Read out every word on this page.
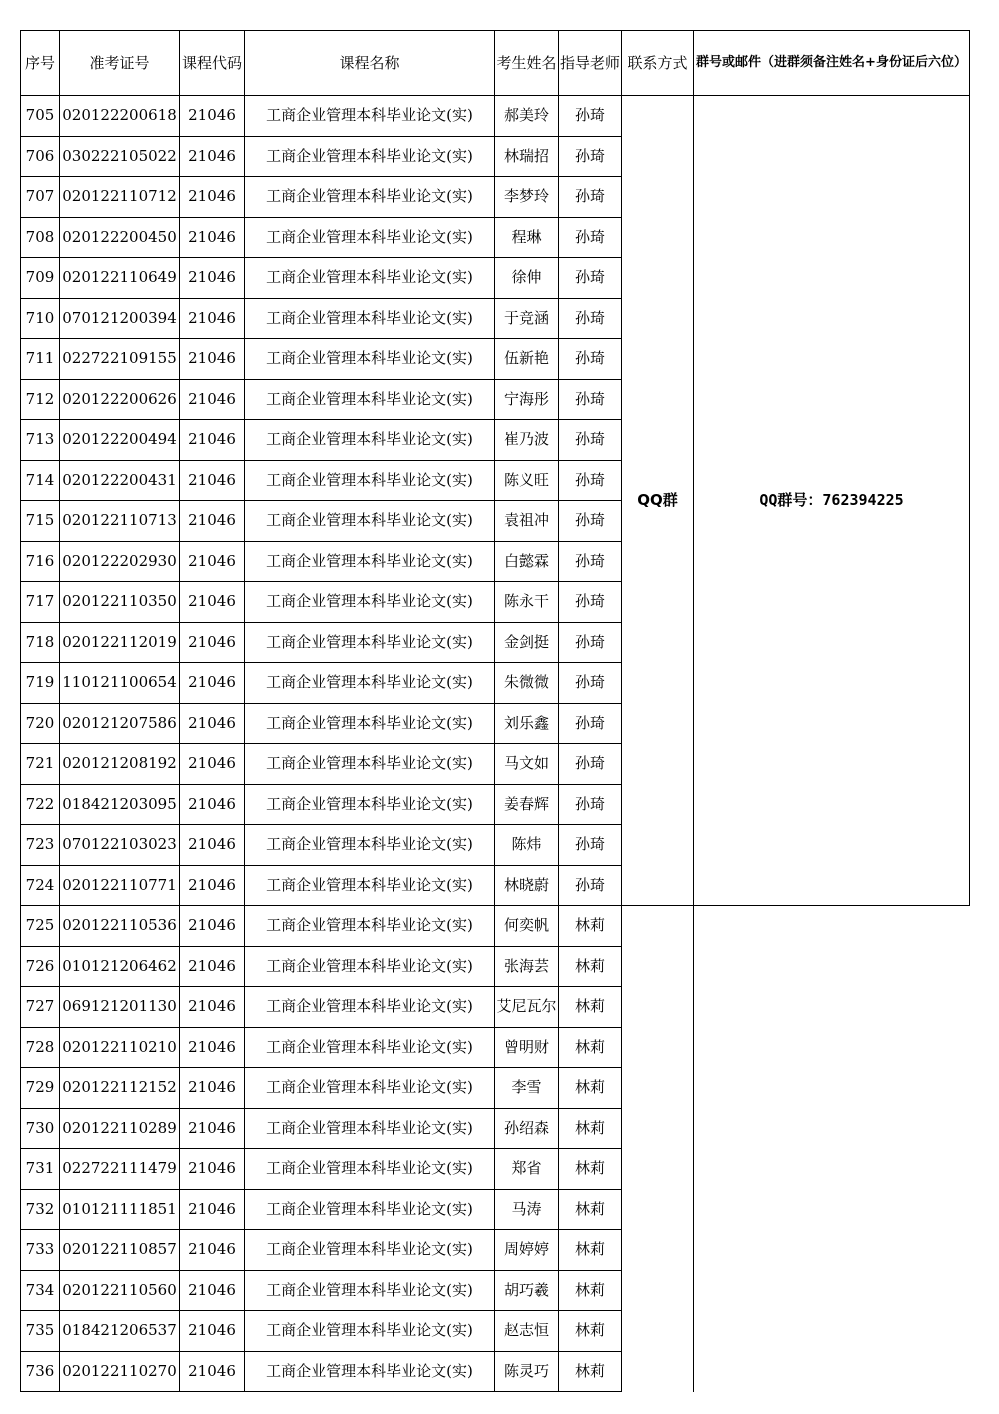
序号	准考证号	课程代码	课程名称	考生姓名	指导老师	联系方式	群号或邮件（进群须备注姓名+身份证后六位）
705	020122200618	21046	工商企业管理本科毕业论文(实)	郝美玲	孙琦	QQ群	QQ群号：762394225
706	030222105022	21046	工商企业管理本科毕业论文(实)	林瑞招	孙琦		
707	020122110712	21046	工商企业管理本科毕业论文(实)	李梦玲	孙琦		
708	020122200450	21046	工商企业管理本科毕业论文(实)	程琳	孙琦		
709	020122110649	21046	工商企业管理本科毕业论文(实)	徐伸	孙琦		
710	070121200394	21046	工商企业管理本科毕业论文(实)	于竞涵	孙琦		
711	022722109155	21046	工商企业管理本科毕业论文(实)	伍新艳	孙琦		
712	020122200626	21046	工商企业管理本科毕业论文(实)	宁海彤	孙琦		
713	020122200494	21046	工商企业管理本科毕业论文(实)	崔乃波	孙琦		
714	020122200431	21046	工商企业管理本科毕业论文(实)	陈义旺	孙琦		
715	020122110713	21046	工商企业管理本科毕业论文(实)	袁祖冲	孙琦		
716	020122202930	21046	工商企业管理本科毕业论文(实)	白懿霖	孙琦		
717	020122110350	21046	工商企业管理本科毕业论文(实)	陈永干	孙琦		
718	020122112019	21046	工商企业管理本科毕业论文(实)	金剑挺	孙琦		
719	110121100654	21046	工商企业管理本科毕业论文(实)	朱微微	孙琦		
720	020121207586	21046	工商企业管理本科毕业论文(实)	刘乐鑫	孙琦		
721	020121208192	21046	工商企业管理本科毕业论文(实)	马文如	孙琦		
722	018421203095	21046	工商企业管理本科毕业论文(实)	姜春辉	孙琦		
723	070122103023	21046	工商企业管理本科毕业论文(实)	陈炜	孙琦		
724	020122110771	21046	工商企业管理本科毕业论文(实)	林晓蔚	孙琦		
725	020122110536	21046	工商企业管理本科毕业论文(实)	何奕帆	林莉		
726	010121206462	21046	工商企业管理本科毕业论文(实)	张海芸	林莉		
727	069121201130	21046	工商企业管理本科毕业论文(实)	艾尼瓦尔	林莉		
728	020122110210	21046	工商企业管理本科毕业论文(实)	曾明财	林莉		
729	020122112152	21046	工商企业管理本科毕业论文(实)	李雪	林莉		
730	020122110289	21046	工商企业管理本科毕业论文(实)	孙绍森	林莉		
731	022722111479	21046	工商企业管理本科毕业论文(实)	郑省	林莉		
732	010121111851	21046	工商企业管理本科毕业论文(实)	马涛	林莉		
733	020122110857	21046	工商企业管理本科毕业论文(实)	周婷婷	林莉		
734	020122110560	21046	工商企业管理本科毕业论文(实)	胡巧羲	林莉		
735	018421206537	21046	工商企业管理本科毕业论文(实)	赵志恒	林莉		
736	020122110270	21046	工商企业管理本科毕业论文(实)	陈灵巧	林莉		
